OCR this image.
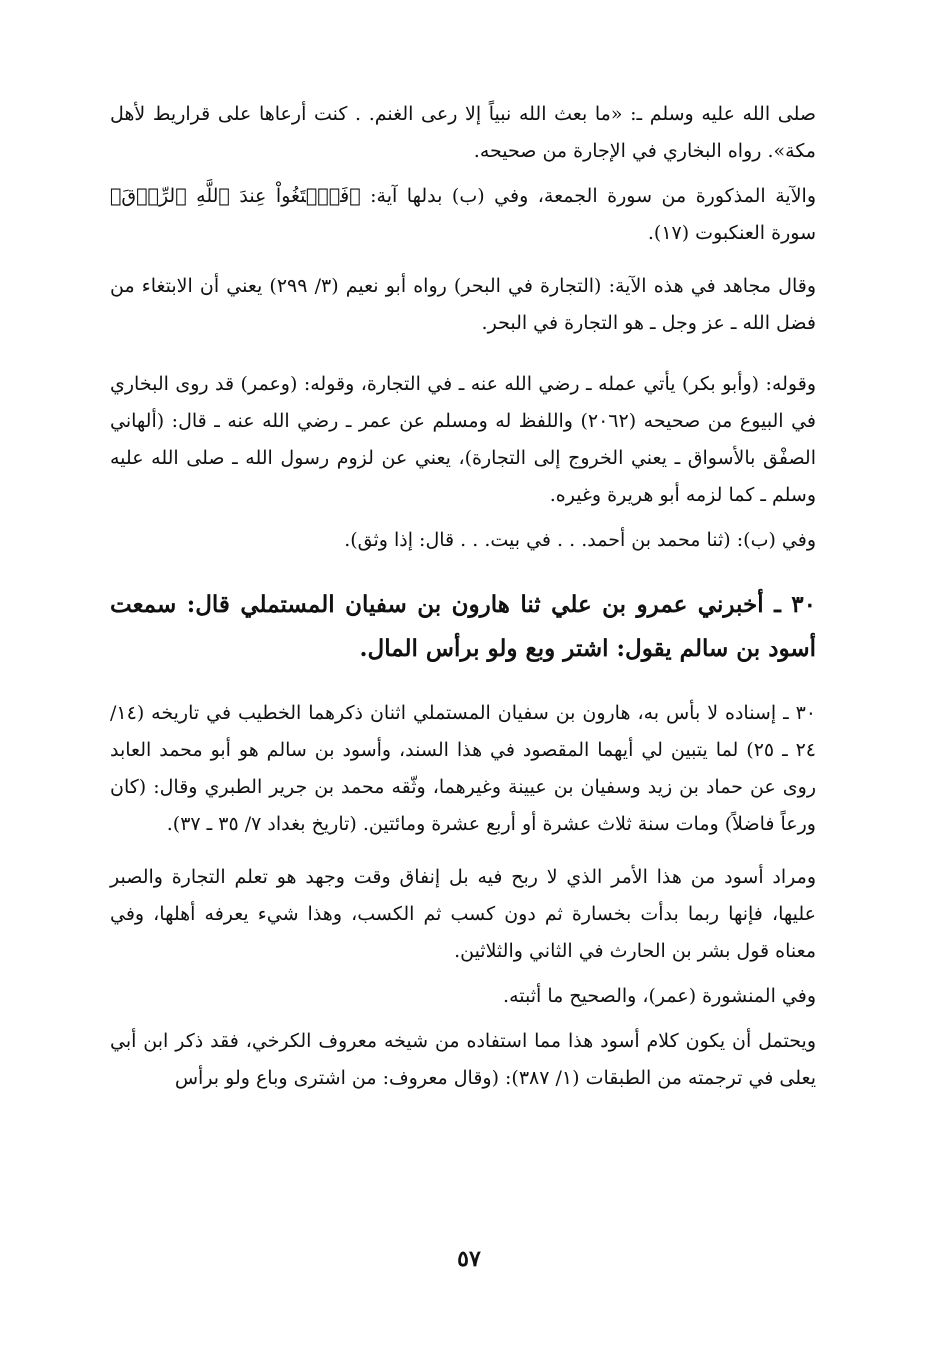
صلى الله عليه وسلم ـ: «ما بعث الله نبياً إلا رعى الغنم. . كنت أرعاها على قراريط لأهل مكة». رواه البخاري في الإجارة من صحيحه.

والآية المذكورة من سورة الجمعة، وفي (ب) بدلها آية: ﴿فَٱبۡتَغُواْ عِندَ ٱللَّهِ ٱلرِّزۡقَ﴾ سورة العنكبوت (١٧).

وقال مجاهد في هذه الآية: (التجارة في البحر) رواه أبو نعيم (٣/ ٢٩٩) يعني أن الابتغاء من فضل الله ـ عز وجل ـ هو التجارة في البحر.

وقوله: (وأبو بكر) يأتي عمله ـ رضي الله عنه ـ في التجارة، وقوله: (وعمر) قد روى البخاري في البيوع من صحيحه (٢٠٦٢) واللفظ له ومسلم عن عمر ـ رضي الله عنه ـ قال: (ألهاني الصفْق بالأسواق ـ يعني الخروج إلى التجارة)، يعني عن لزوم رسول الله ـ صلى الله عليه وسلم ـ كما لزمه أبو هريرة وغيره.

وفي (ب): (ثنا محمد بن أحمد. . . في بيت. . . قال: إذا وثق).

٣٠ ـ أخبرني عمرو بن علي ثنا هارون بن سفيان المستملي قال: سمعت أسود بن سالم يقول: اشتر وبع ولو برأس المال.

٣٠ ـ إسناده لا بأس به، هارون بن سفيان المستملي اثنان ذكرهما الخطيب في تاريخه (١٤/ ٢٤ ـ ٢٥) لما يتبين لي أيهما المقصود في هذا السند، وأسود بن سالم هو أبو محمد العابد روى عن حماد بن زيد وسفيان بن عيينة وغيرهما، وثّقه محمد بن جرير الطبري وقال: (كان ورعاً فاضلاً) ومات سنة ثلاث عشرة أو أربع عشرة ومائتين. (تاريخ بغداد ٧/ ٣٥ ـ ٣٧).

ومراد أسود من هذا الأمر الذي لا ربح فيه بل إنفاق وقت وجهد هو تعلم التجارة والصبر عليها، فإنها ربما بدأت بخسارة ثم دون كسب ثم الكسب، وهذا شيء يعرفه أهلها، وفي معناه قول بشر بن الحارث في الثاني والثلاثين.

وفي المنشورة (عمر)، والصحيح ما أثبته.

ويحتمل أن يكون كلام أسود هذا مما استفاده من شيخه معروف الكرخي، فقد ذكر ابن أبي يعلى في ترجمته من الطبقات (١/ ٣٨٧): (وقال معروف: من اشترى وباع ولو برأس

٥٧
